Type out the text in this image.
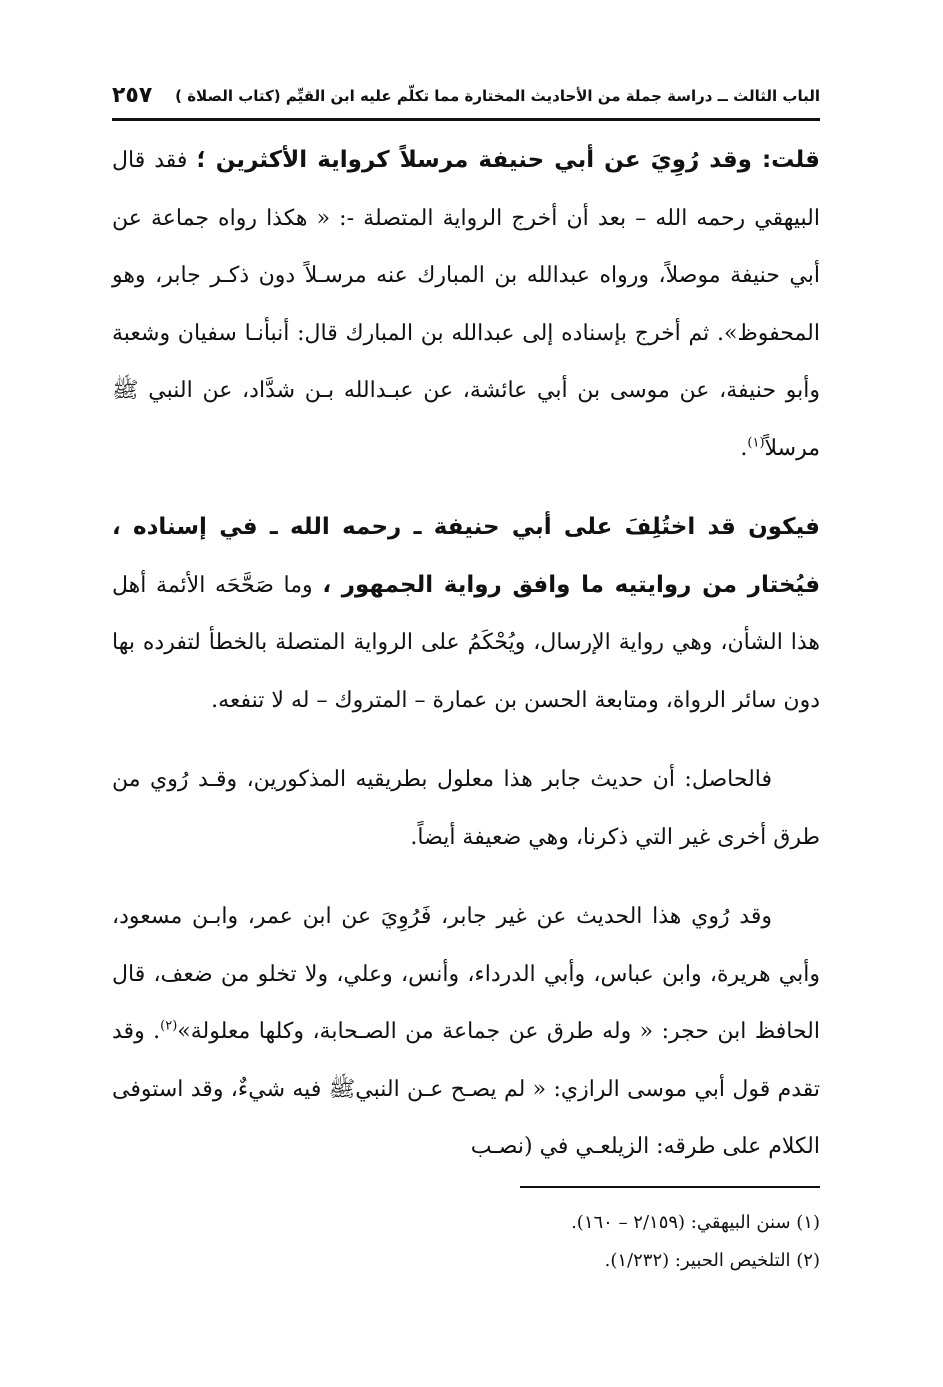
الباب الثالث ــ دراسة جملة من الأحاديث المختارة مما تكلّم عليه ابن القيِّم (كتاب الصلاة )
٢٥٧

قلت: وقد رُوِيَ عن أبي حنيفة مرسلاً كرواية الأكثرين ؛ فقد قال البيهقي رحمه الله – بعد أن أخرج الرواية المتصلة -: « هكذا رواه جماعة عن أبي حنيفة موصلاً، ورواه عبدالله بن المبارك عنه مرسـلاً دون ذكـر جابر، وهو المحفوظ». ثم أخرج بإسناده إلى عبدالله بن المبارك قال: أنبأنـا سفيان وشعبة وأبو حنيفة، عن موسى بن أبي عائشة، عن عبـدالله بـن شدَّاد، عن النبي ﷺ مرسلاً$^{(١)}$.

فيكون قد اختُلِفَ على أبي حنيفة ـ رحمه الله ـ في إسناده ، فيُختار من روايتيه ما وافق رواية الجمهور ، وما صَحَّحَه الأئمة أهل هذا الشأن، وهي رواية الإرسال، ويُحْكَمُ على الرواية المتصلة بالخطأ لتفرده بها دون سائر الرواة، ومتابعة الحسن بن عمارة – المتروك – له لا تنفعه.

فالحاصل: أن حديث جابر هذا معلول بطريقيه المذكورين، وقـد رُوي من طرق أخرى غير التي ذكرنا، وهي ضعيفة أيضاً.

وقد رُوي هذا الحديث عن غير جابر، فَرُوِيَ عن ابن عمر، وابـن مسعود، وأبي هريرة، وابن عباس، وأبي الدرداء، وأنس، وعلي، ولا تخلو من ضعف، قال الحافظ ابن حجر: « وله طرق عن جماعة من الصـحابة، وكلها معلولة»$^{(٢)}$. وقد تقدم قول أبي موسى الرازي: « لم يصـح عـن النبيﷺ فيه شيءٌ، وقد استوفى الكلام على طرقه: الزيلعـي في (نصـب

(١) سنن البيهقي: (٢/١٥٩ – ١٦٠).
(٢) التلخيص الحبير: (١/٢٣٢).
